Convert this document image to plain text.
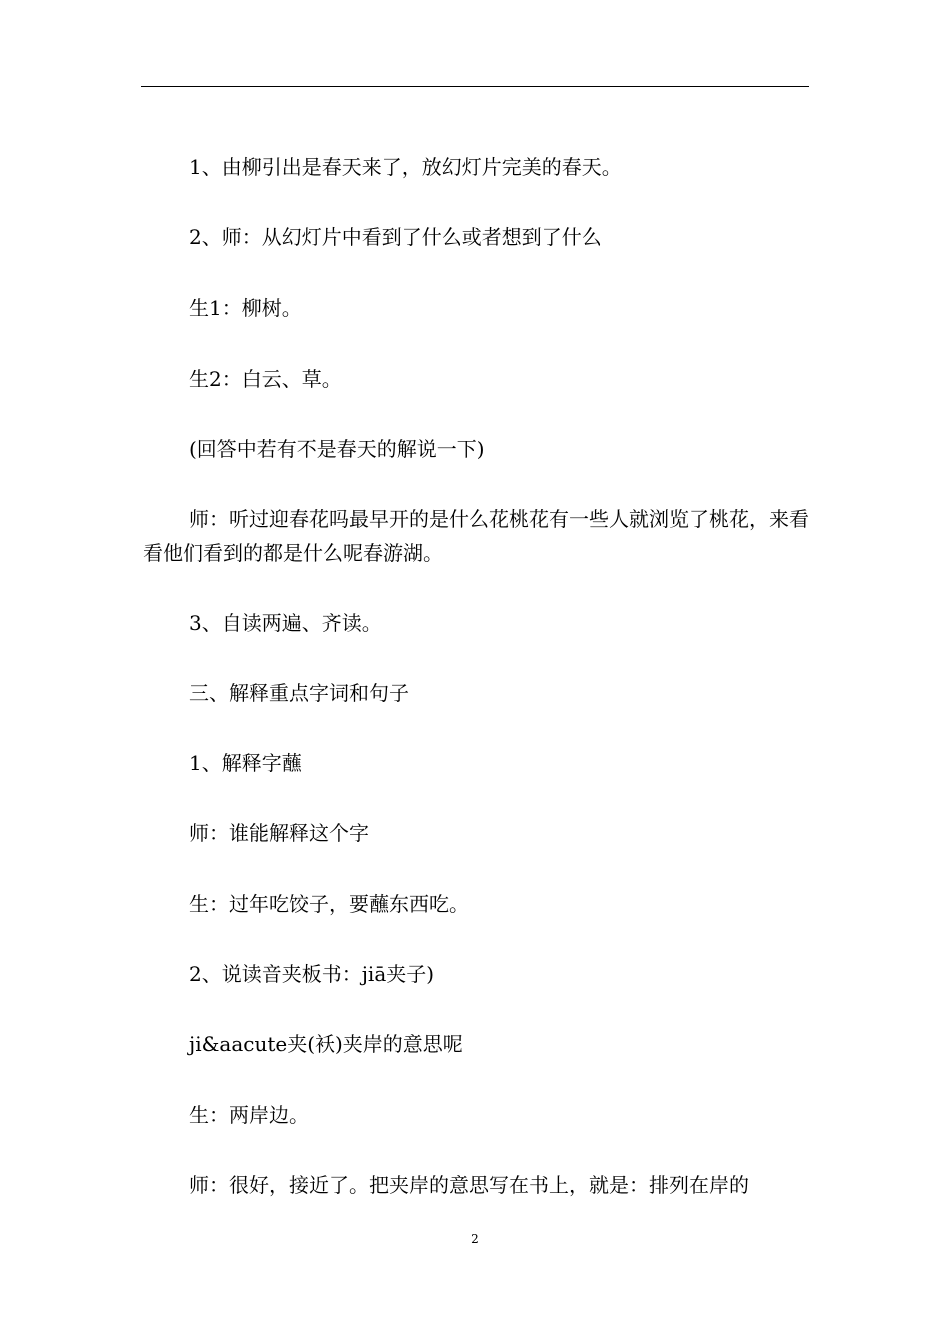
1、由柳引出是春天来了，放幻灯片完美的春天。
2、师：从幻灯片中看到了什么或者想到了什么
生1：柳树。
生2：白云、草。
(回答中若有不是春天的解说一下)
师：听过迎春花吗最早开的是什么花桃花有一些人就浏览了桃花，来看看他们看到的都是什么呢春游湖。
3、自读两遍、齐读。
三、解释重点字词和句子
1、解释字蘸
师：谁能解释这个字
生：过年吃饺子，要蘸东西吃。
2、说读音夹板书：jiā夹子)
ji&aacute夹(袄)夹岸的意思呢
生：两岸边。
师：很好，接近了。把夹岸的意思写在书上，就是：排列在岸的
2
